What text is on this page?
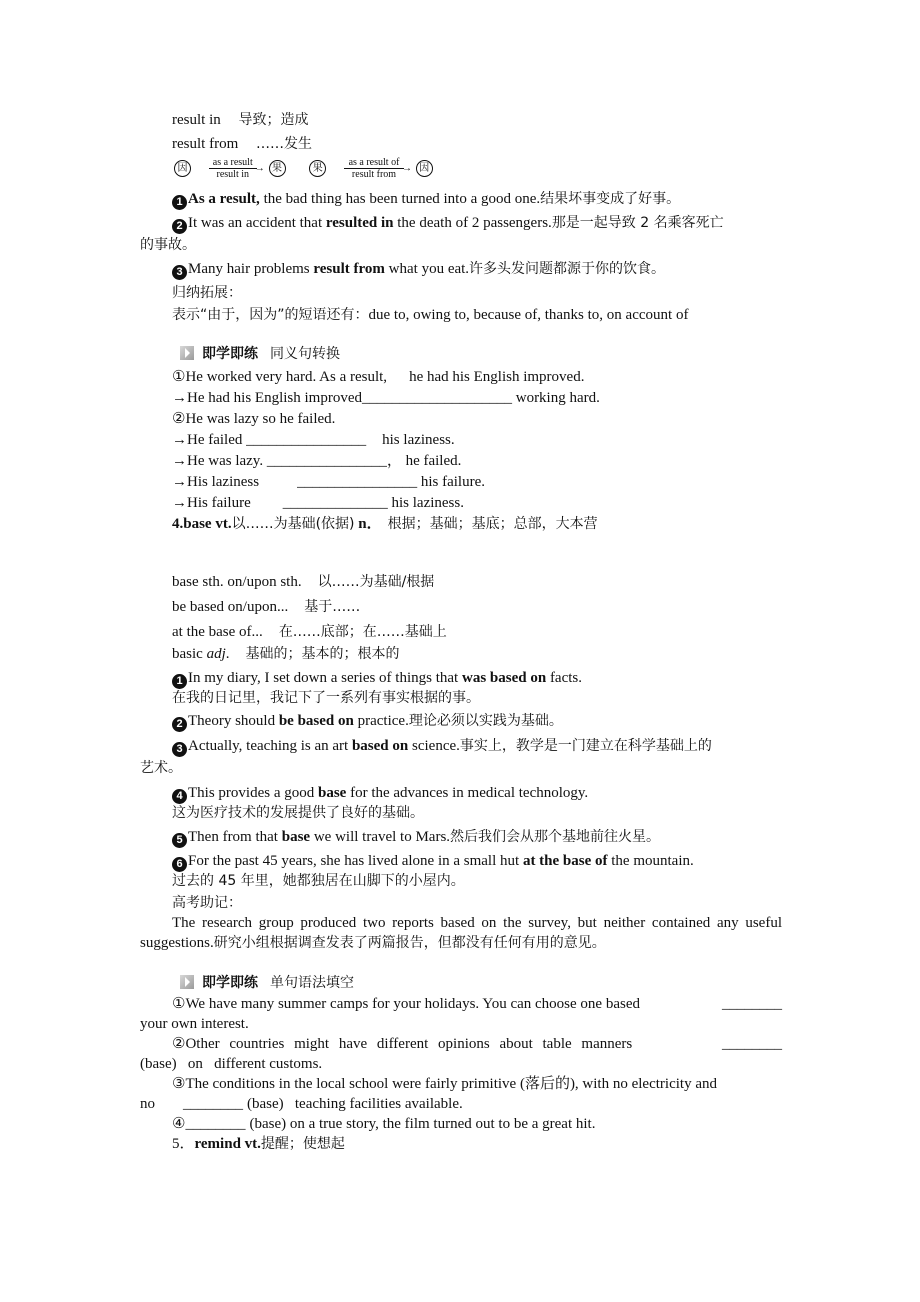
result in 导致；造成
result from ……发生
因
as a result
result in
→ 果	果
as a result of
result from
→ 因
1 As a result, the bad thing has been turned into a good one.结果坏事变成了好事。
2 It was an accident that resulted in the death of 2 passengers.那是一起导致 2 名乘客死亡
的事故。
3 Many hair problems result from what you eat.许多头发问题都源于你的饮食。
归纳拓展：
表示“由于，因为”的短语还有：due to, owing to, because of, thanks to, on account of
即学即练 同义句转换
①He worked very hard. As a result, he had his English improved.
→He had his English improved____________________ working hard.
②He was lazy so he failed.
→He failed ________________ his laziness.
→He was lazy. ________________， he failed.
→His laziness	________________ his failure.
→His failure ______________ his laziness.
4.base vt.以……为基础(依据) n． 根据；基础；基底；总部，大本营
base sth. on/upon sth. 以……为基础/根据
be based on/upon... 基于……
at the base of... 在……底部；在……基础上
basic adj. 基础的；基本的；根本的
1 In my diary, I set down a series of things that was based on facts.
在我的日记里，我记下了一系列有事实根据的事。
2 Theory should be based on practice.理论必须以实践为基础。
3 Actually, teaching is an art based on science.事实上，教学是一门建立在科学基础上的
艺术。
4 This provides a good base for the advances in medical technology.
这为医疗技术的发展提供了良好的基础。
5 Then from that base we will travel to Mars.然后我们会从那个基地前往火星。
6 For the past 45 years, she has lived alone in a small hut at the base of the mountain.
过去的 45 年里，她都独居在山脚下的小屋内。
高考助记：
The research group produced two reports based on the survey, but neither contained any useful suggestions.研究小组根据调查发表了两篇报告，但都没有任何有用的意见。
即学即练 单句语法填空
①We have many summer camps for your holidays. You can choose one based	________
your own interest.
②Other countries might have different opinions about table manners	________
(base)   on   different customs.
③The conditions in the local school were fairly primitive (落后的), with no electricity and
no ________ (base)   teaching facilities available.
④________ (base) on a true story, the film turned out to be a great hit.
5．remind vt.提醒；使想起
